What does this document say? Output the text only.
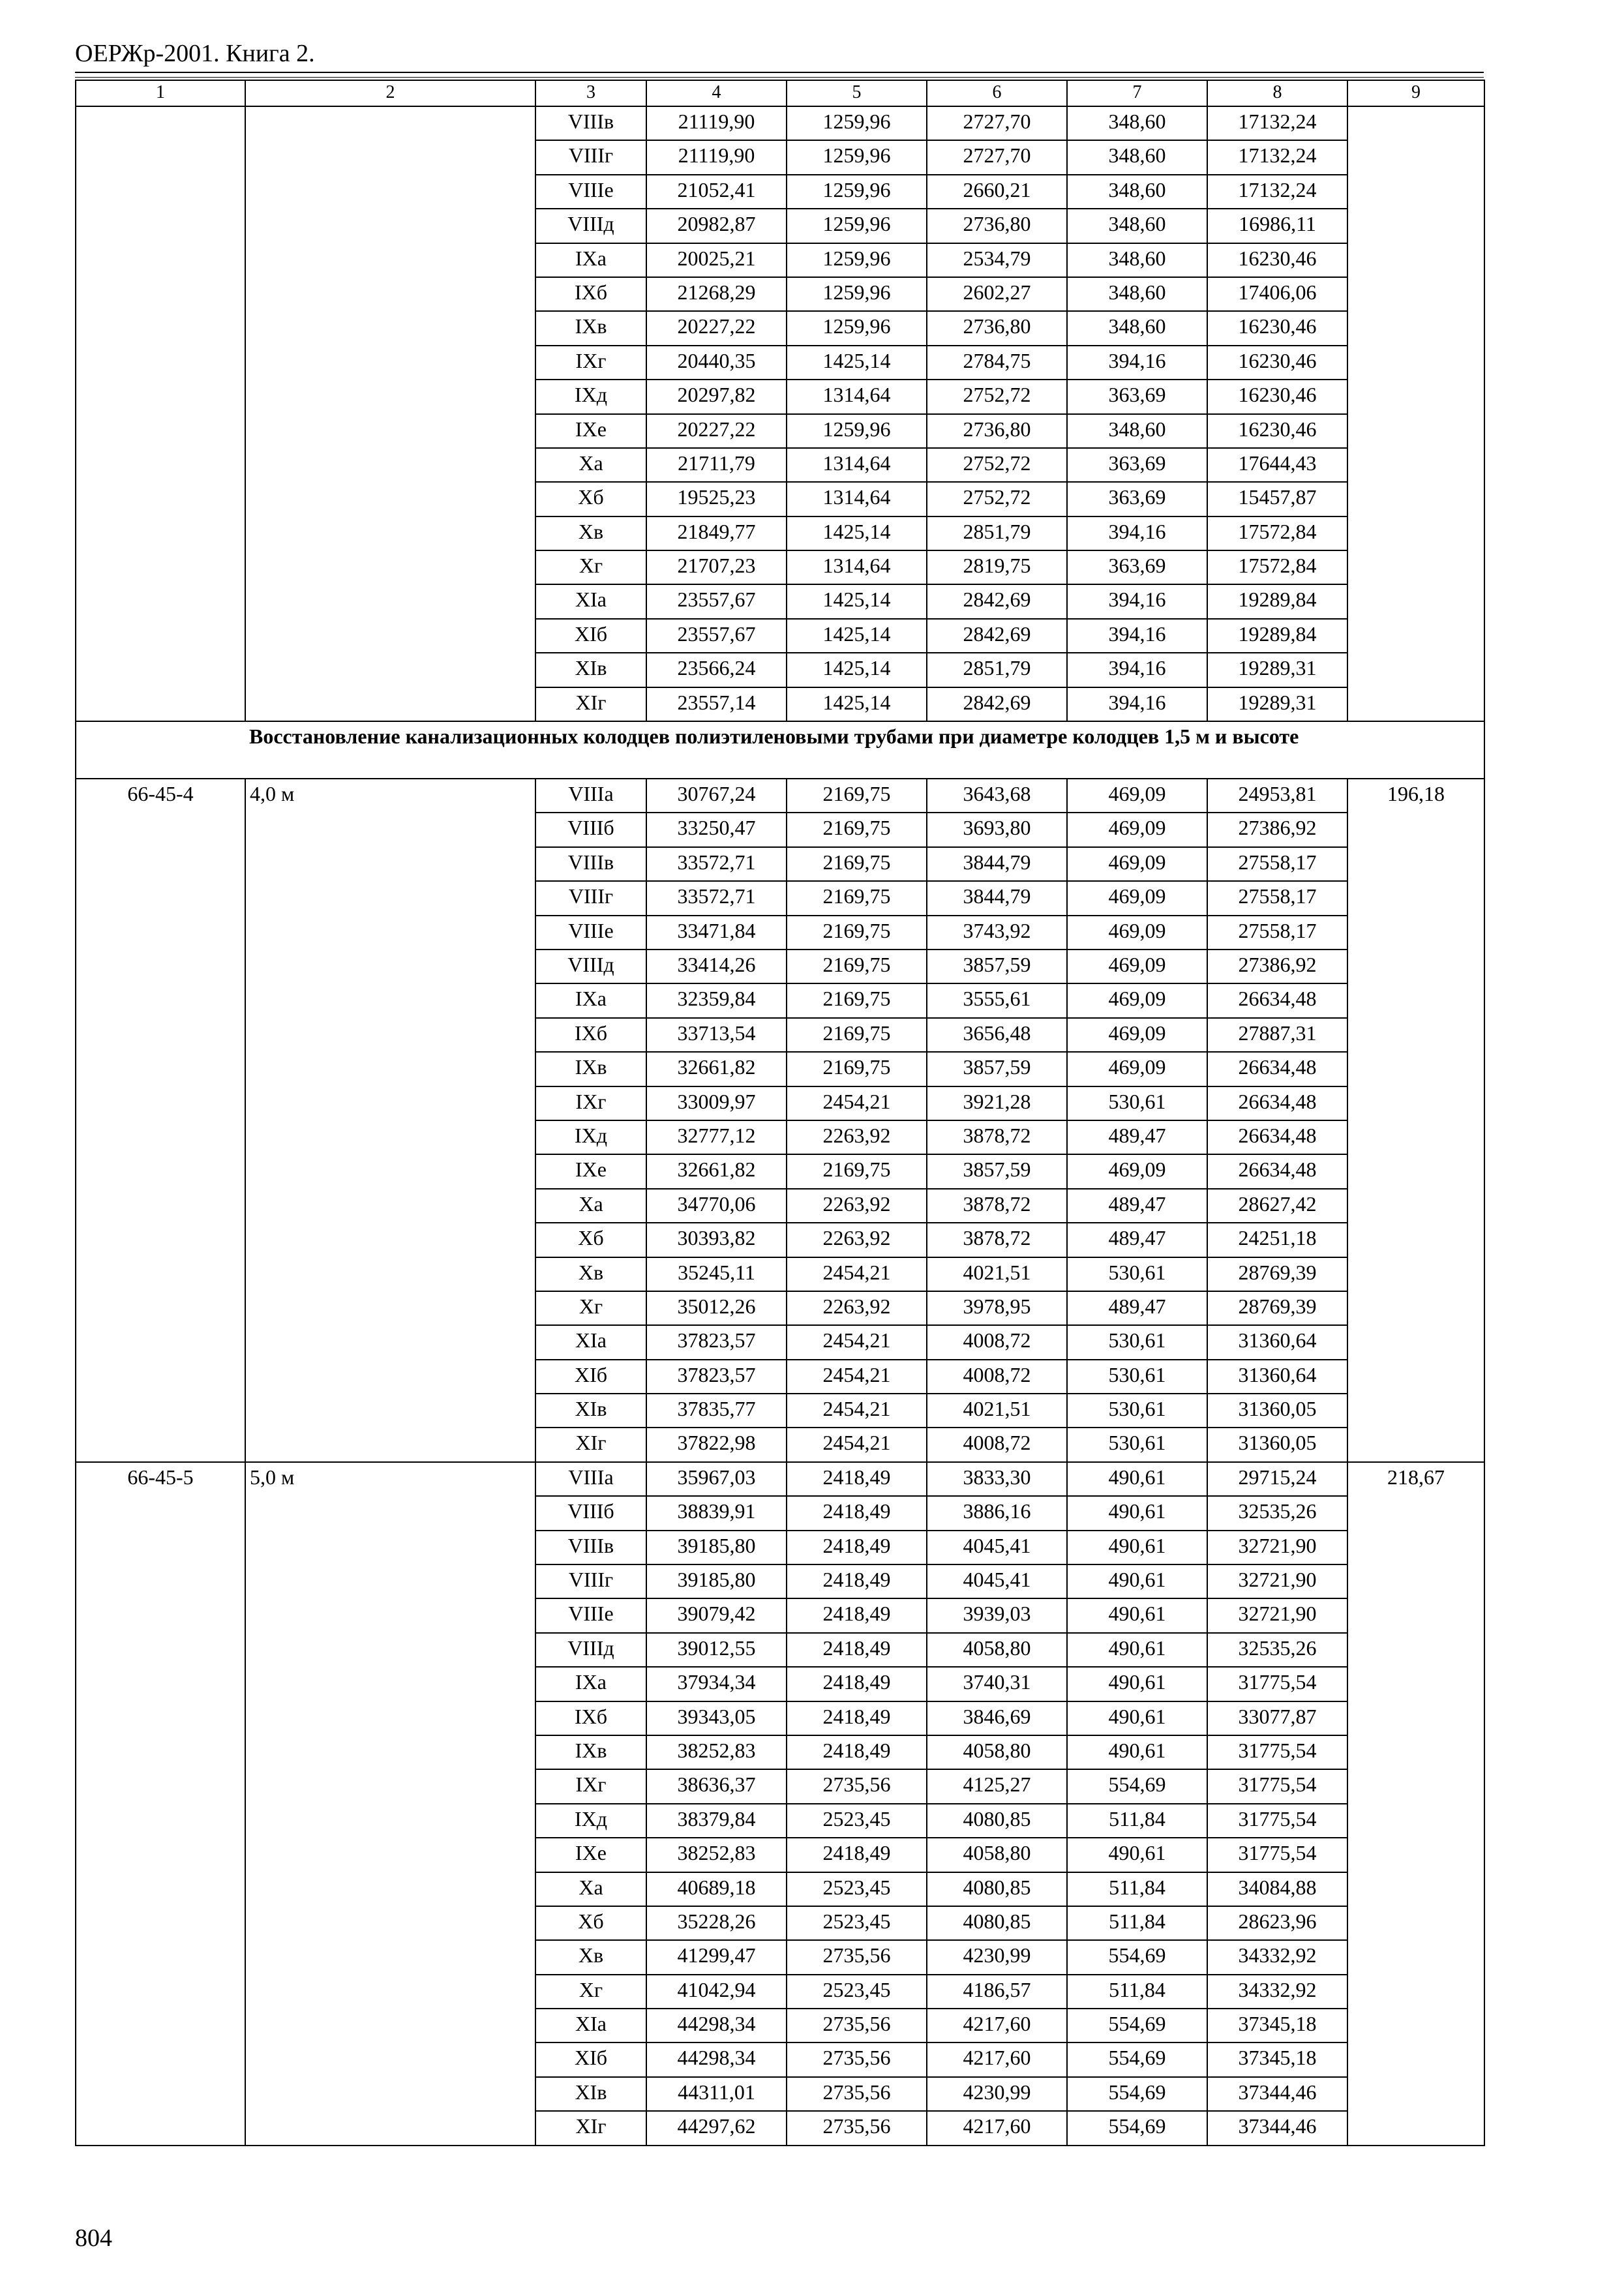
ОЕРЖр-2001. Книга 2.
1	2	3	4	5	6	7	8	9
		VIIIв	21119,90	1259,96	2727,70	348,60	17132,24	
		VIIIг	21119,90	1259,96	2727,70	348,60	17132,24	
		VIIIе	21052,41	1259,96	2660,21	348,60	17132,24	
		VIIIд	20982,87	1259,96	2736,80	348,60	16986,11	
		IXа	20025,21	1259,96	2534,79	348,60	16230,46	
		IXб	21268,29	1259,96	2602,27	348,60	17406,06	
		IXв	20227,22	1259,96	2736,80	348,60	16230,46	
		IXг	20440,35	1425,14	2784,75	394,16	16230,46	
		IXд	20297,82	1314,64	2752,72	363,69	16230,46	
		IXе	20227,22	1259,96	2736,80	348,60	16230,46	
		Xа	21711,79	1314,64	2752,72	363,69	17644,43	
		Xб	19525,23	1314,64	2752,72	363,69	15457,87	
		Xв	21849,77	1425,14	2851,79	394,16	17572,84	
		Xг	21707,23	1314,64	2819,75	363,69	17572,84	
		XIа	23557,67	1425,14	2842,69	394,16	19289,84	
		XIб	23557,67	1425,14	2842,69	394,16	19289,84	
		XIв	23566,24	1425,14	2851,79	394,16	19289,31	
		XIг	23557,14	1425,14	2842,69	394,16	19289,31	
	Восстановление канализационных колодцев полиэтиленовыми трубами при диаметре колодцев 1,5 м и высоте							
66-45-4	4,0 м	VIIIа	30767,24	2169,75	3643,68	469,09	24953,81	196,18
		VIIIб	33250,47	2169,75	3693,80	469,09	27386,92	
		VIIIв	33572,71	2169,75	3844,79	469,09	27558,17	
		VIIIг	33572,71	2169,75	3844,79	469,09	27558,17	
		VIIIе	33471,84	2169,75	3743,92	469,09	27558,17	
		VIIIд	33414,26	2169,75	3857,59	469,09	27386,92	
		IXа	32359,84	2169,75	3555,61	469,09	26634,48	
		IXб	33713,54	2169,75	3656,48	469,09	27887,31	
		IXв	32661,82	2169,75	3857,59	469,09	26634,48	
		IXг	33009,97	2454,21	3921,28	530,61	26634,48	
		IXд	32777,12	2263,92	3878,72	489,47	26634,48	
		IXе	32661,82	2169,75	3857,59	469,09	26634,48	
		Xа	34770,06	2263,92	3878,72	489,47	28627,42	
		Xб	30393,82	2263,92	3878,72	489,47	24251,18	
		Xв	35245,11	2454,21	4021,51	530,61	28769,39	
		Xг	35012,26	2263,92	3978,95	489,47	28769,39	
		XIа	37823,57	2454,21	4008,72	530,61	31360,64	
		XIб	37823,57	2454,21	4008,72	530,61	31360,64	
		XIв	37835,77	2454,21	4021,51	530,61	31360,05	
		XIг	37822,98	2454,21	4008,72	530,61	31360,05	
66-45-5	5,0 м	VIIIа	35967,03	2418,49	3833,30	490,61	29715,24	218,67
		VIIIб	38839,91	2418,49	3886,16	490,61	32535,26	
		VIIIв	39185,80	2418,49	4045,41	490,61	32721,90	
		VIIIг	39185,80	2418,49	4045,41	490,61	32721,90	
		VIIIе	39079,42	2418,49	3939,03	490,61	32721,90	
		VIIIд	39012,55	2418,49	4058,80	490,61	32535,26	
		IXа	37934,34	2418,49	3740,31	490,61	31775,54	
		IXб	39343,05	2418,49	3846,69	490,61	33077,87	
		IXв	38252,83	2418,49	4058,80	490,61	31775,54	
		IXг	38636,37	2735,56	4125,27	554,69	31775,54	
		IXд	38379,84	2523,45	4080,85	511,84	31775,54	
		IXе	38252,83	2418,49	4058,80	490,61	31775,54	
		Xа	40689,18	2523,45	4080,85	511,84	34084,88	
		Xб	35228,26	2523,45	4080,85	511,84	28623,96	
		Xв	41299,47	2735,56	4230,99	554,69	34332,92	
		Xг	41042,94	2523,45	4186,57	511,84	34332,92	
		XIа	44298,34	2735,56	4217,60	554,69	37345,18	
		XIб	44298,34	2735,56	4217,60	554,69	37345,18	
		XIв	44311,01	2735,56	4230,99	554,69	37344,46	
		XIг	44297,62	2735,56	4217,60	554,69	37344,46	
804
